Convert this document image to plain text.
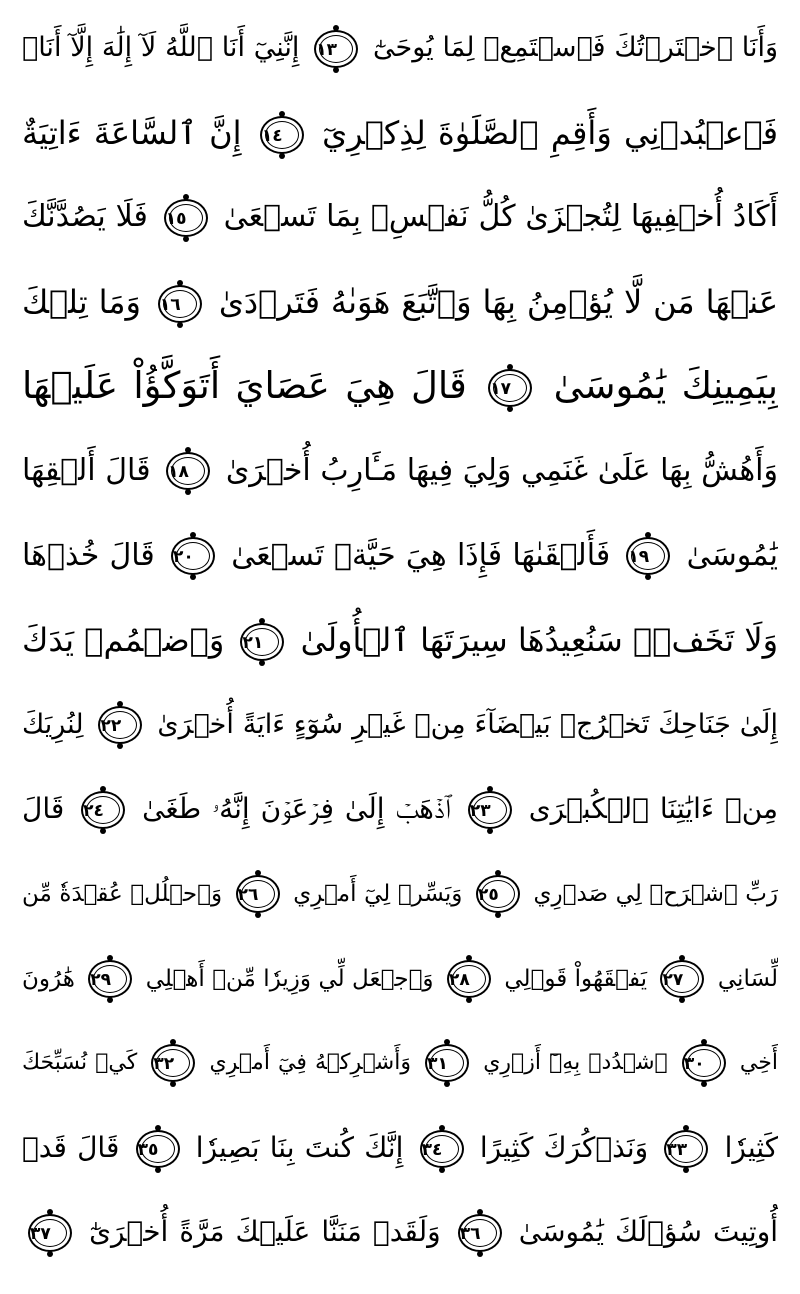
وَأَنَا ٱخۡتَرۡتُكَ فَٱسۡتَمِعۡ لِمَا يُوحَىٰٓ ١٣ إِنَّنِيٓ أَنَا ٱللَّهُ لَآ إِلَٰهَ إِلَّآ أَنَا۠
فَٱعۡبُدۡنِي وَأَقِمِ ٱلصَّلَوٰةَ لِذِكۡرِيٓ ١٤ إِنَّ ٱلسَّاعَةَ ءَاتِيَةٌ
أَكَادُ أُخۡفِيهَا لِتُجۡزَىٰ كُلُّ نَفۡسِۭ بِمَا تَسۡعَىٰ ١٥ فَلَا يَصُدَّنَّكَ
عَنۡهَا مَن لَّا يُؤۡمِنُ بِهَا وَٱتَّبَعَ هَوَىٰهُ فَتَرۡدَىٰ ١٦ وَمَا تِلۡكَ
بِيَمِينِكَ يَٰمُوسَىٰ ١٧ قَالَ هِيَ عَصَايَ أَتَوَكَّؤُاْ عَلَيۡهَا
وَأَهُشُّ بِهَا عَلَىٰ غَنَمِي وَلِيَ فِيهَا مَـَٔارِبُ أُخۡرَىٰ ١٨ قَالَ أَلۡقِهَا
يَٰمُوسَىٰ ١٩ فَأَلۡقَىٰهَا فَإِذَا هِيَ حَيَّةٞ تَسۡعَىٰ ٢٠ قَالَ خُذۡهَا
وَلَا تَخَفۡۖ سَنُعِيدُهَا سِيرَتَهَا ٱلۡأُولَىٰ ٢١ وَٱضۡمُمۡ يَدَكَ
إِلَىٰ جَنَاحِكَ تَخۡرُجۡ بَيۡضَآءَ مِنۡ غَيۡرِ سُوٓءٍ ءَايَةً أُخۡرَىٰ ٢٢ لِنُرِيَكَ
مِنۡ ءَايَٰتِنَا ٱلۡكُبۡرَى ٢٣ ٱذۡهَبۡ إِلَىٰ فِرۡعَوۡنَ إِنَّهُۥ طَغَىٰ ٢٤ قَالَ
رَبِّ ٱشۡرَحۡ لِي صَدۡرِي ٢٥ وَيَسِّرۡ لِيٓ أَمۡرِي ٢٦ وَٱحۡلُلۡ عُقۡدَةٗ مِّن
لِّسَانِي ٢٧ يَفۡقَهُواْ قَوۡلِي ٢٨ وَٱجۡعَل لِّي وَزِيرٗا مِّنۡ أَهۡلِي ٢٩ هَٰرُونَ
أَخِي ٣٠ ٱشۡدُدۡ بِهِۦٓ أَزۡرِي ٣١ وَأَشۡرِكۡهُ فِيٓ أَمۡرِي ٣٢ كَيۡ نُسَبِّحَكَ
كَثِيرٗا ٣٣ وَنَذۡكُرَكَ كَثِيرًا ٣٤ إِنَّكَ كُنتَ بِنَا بَصِيرٗا ٣٥ قَالَ قَدۡ
أُوتِيتَ سُؤۡلَكَ يَٰمُوسَىٰ ٣٦ وَلَقَدۡ مَنَنَّا عَلَيۡكَ مَرَّةً أُخۡرَىٰٓ ٣٧
